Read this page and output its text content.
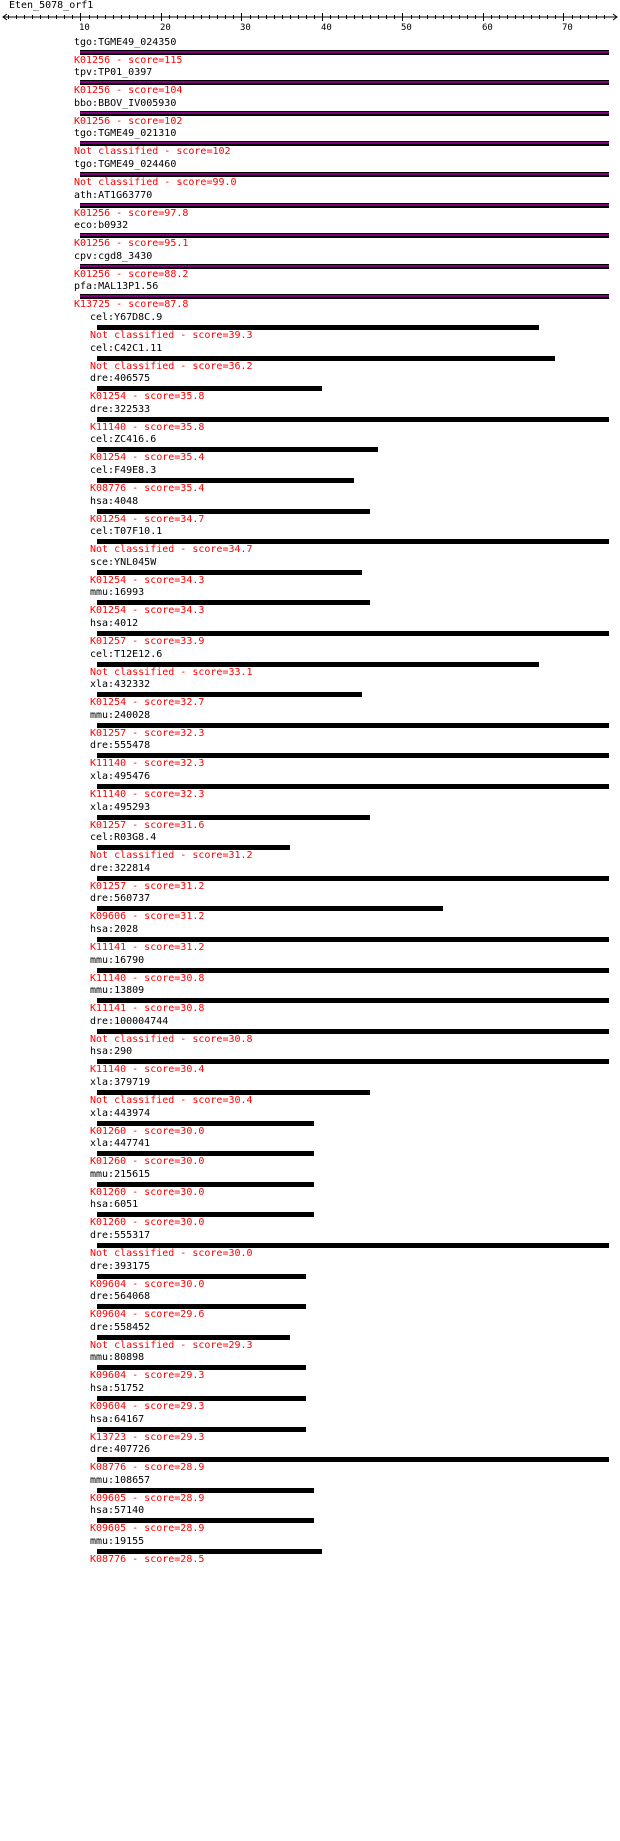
Eten_5078_orf1
10	20	30	40	50	60	70
tgo:TGME49_024350
K01256 - score=115
tpv:TP01_0397
K01256 - score=104
bbo:BBOV_IV005930
K01256 - score=102
tgo:TGME49_021310
Not classified - score=102
tgo:TGME49_024460
Not classified - score=99.0
ath:AT1G63770
K01256 - score=97.8
eco:b0932
K01256 - score=95.1
cpv:cgd8_3430
K01256 - score=88.2
pfa:MAL13P1.56
K13725 - score=87.8
cel:Y67D8C.9
Not classified - score=39.3
cel:C42C1.11
Not classified - score=36.2
dre:406575
K01254 - score=35.8
dre:322533
K11140 - score=35.8
cel:ZC416.6
K01254 - score=35.4
cel:F49E8.3
K08776 - score=35.4
hsa:4048
K01254 - score=34.7
cel:T07F10.1
Not classified - score=34.7
sce:YNL045W
K01254 - score=34.3
mmu:16993
K01254 - score=34.3
hsa:4012
K01257 - score=33.9
cel:T12E12.6
Not classified - score=33.1
xla:432332
K01254 - score=32.7
mmu:240028
K01257 - score=32.3
dre:555478
K11140 - score=32.3
xla:495476
K11140 - score=32.3
xla:495293
K01257 - score=31.6
cel:R03G8.4
Not classified - score=31.2
dre:322814
K01257 - score=31.2
dre:560737
K09606 - score=31.2
hsa:2028
K11141 - score=31.2
mmu:16790
K11140 - score=30.8
mmu:13809
K11141 - score=30.8
dre:100004744
Not classified - score=30.8
hsa:290
K11140 - score=30.4
xla:379719
Not classified - score=30.4
xla:443974
K01260 - score=30.0
xla:447741
K01260 - score=30.0
mmu:215615
K01260 - score=30.0
hsa:6051
K01260 - score=30.0
dre:555317
Not classified - score=30.0
dre:393175
K09604 - score=30.0
dre:564068
K09604 - score=29.6
dre:558452
Not classified - score=29.3
mmu:80898
K09604 - score=29.3
hsa:51752
K09604 - score=29.3
hsa:64167
K13723 - score=29.3
dre:407726
K08776 - score=28.9
mmu:108657
K09605 - score=28.9
hsa:57140
K09605 - score=28.9
mmu:19155
K08776 - score=28.5
